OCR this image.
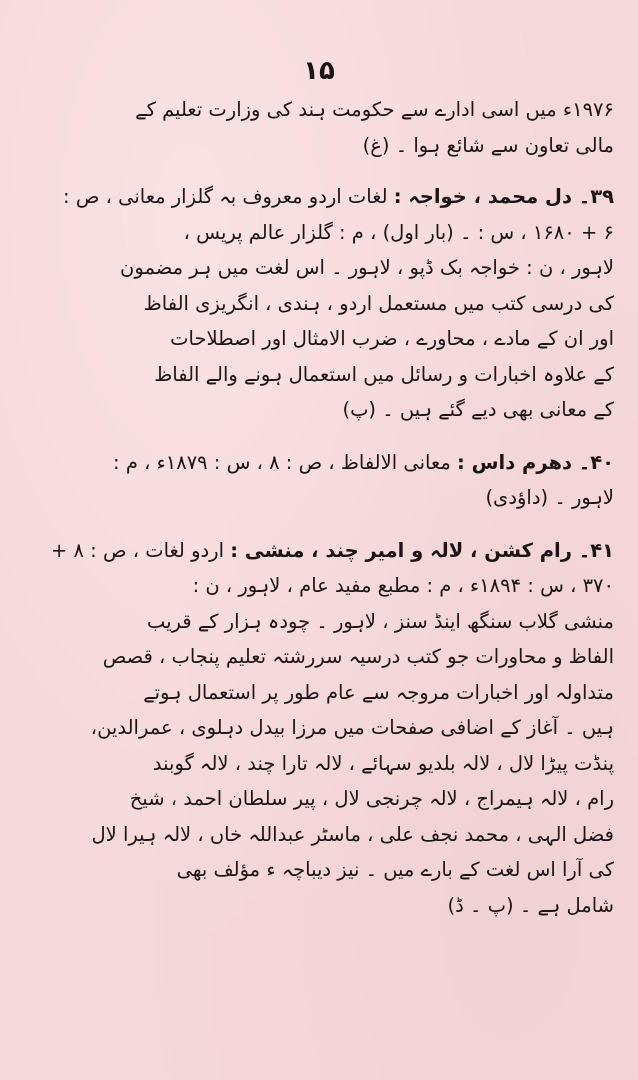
۱۵
۱۹۷۶ء میں اسی ادارے سے حکومت ہند کی وزارت تعلیم کے
مالی تعاون سے شائع ہوا ۔ (غ)
۳۹۔ دل محمد ، خواجہ : لغات اردو معروف بہ گلزار معانی ، ص :
۶ + ۱۶۸۰ ، س : ۔ (بار اول) ، م : گلزار عالم پریس ،
لاہور ، ن : خواجہ بک ڈپو ، لاہور ۔ اس لغت میں ہر مضمون
کی درسی کتب میں مستعمل اردو ، ہندی ، انگریزی الفاظ
اور ان کے مادے ، محاورے ، ضرب الامثال اور اصطلاحات
کے علاوہ اخبارات و رسائل میں استعمال ہونے والے الفاظ
کے معانی بھی دیے گئے ہیں ۔ (پ)
۴۰۔ دھرم داس : معانی الالفاظ ، ص : ۸ ، س : ۱۸۷۹ء ، م :
لاہور ۔ (داؤدی)
۴۱۔ رام کشن ، لالہ و امیر چند ، منشی : اردو لغات ، ص : ۸ +
۳۷۰ ، س : ۱۸۹۴ء ، م : مطبع مفید عام ، لاہور ، ن :
منشی گلاب سنگھ اینڈ سنز ، لاہور ۔ چودہ ہزار کے قریب
الفاظ و محاورات جو کتب درسیہ سررشتہ تعلیم پنجاب ، قصص
متداولہ اور اخبارات مروجہ سے عام طور پر استعمال ہوتے
ہیں ۔ آغاز کے اضافی صفحات میں مرزا بیدل دہلوی ، عمرالدین،
پنڈت پیڑا لال ، لالہ بلدیو سہائے ، لالہ تارا چند ، لالہ گوبند
رام ، لالہ ہیمراج ، لالہ چرنجی لال ، پیر سلطان احمد ، شیخ
فضل الہی ، محمد نجف علی ، ماسٹر عبداللہ خاں ، لالہ ہیرا لال
کی آرا اس لغت کے بارے میں ۔ نیز دیباچہ ء مؤلف بھی
شامل ہے ۔ (پ ۔ ڈ)
